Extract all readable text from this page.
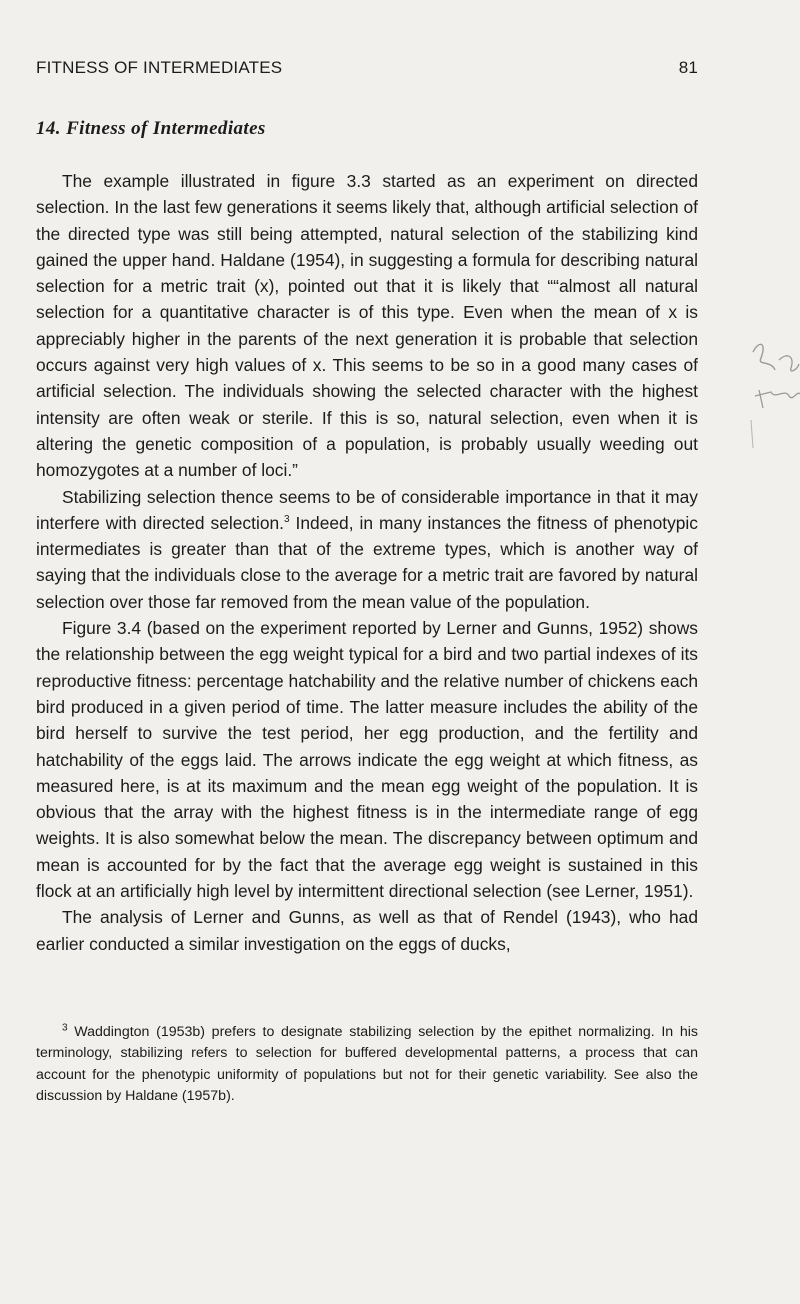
FITNESS OF INTERMEDIATES	81
14. Fitness of Intermediates

The example illustrated in figure 3.3 started as an experiment on directed selection. In the last few generations it seems likely that, although artificial selection of the directed type was still being attempted, natural selection of the stabilizing kind gained the upper hand. Haldane (1954), in suggesting a formula for describing natural selection for a metric trait (x), pointed out that it is likely that ““almost all natural selection for a quantitative character is of this type. Even when the mean of x is appreciably higher in the parents of the next generation it is probable that selection occurs against very high values of x. This seems to be so in a good many cases of artificial selection. The individuals showing the selected character with the highest intensity are often weak or sterile. If this is so, natural selection, even when it is altering the genetic composition of a population, is probably usually weeding out homozygotes at a number of loci.”

Stabilizing selection thence seems to be of considerable importance in that it may interfere with directed selection.$^3$ Indeed, in many instances the fitness of phenotypic intermediates is greater than that of the extreme types, which is another way of saying that the individuals close to the average for a metric trait are favored by natural selection over those far removed from the mean value of the population.

Figure 3.4 (based on the experiment reported by Lerner and Gunns, 1952) shows the relationship between the egg weight typical for a bird and two partial indexes of its reproductive fitness: percentage hatchability and the relative number of chickens each bird produced in a given period of time. The latter measure includes the ability of the bird herself to survive the test period, her egg production, and the fertility and hatchability of the eggs laid. The arrows indicate the egg weight at which fitness, as measured here, is at its maximum and the mean egg weight of the population. It is obvious that the array with the highest fitness is in the intermediate range of egg weights. It is also somewhat below the mean. The discrepancy between optimum and mean is accounted for by the fact that the average egg weight is sustained in this flock at an artificially high level by intermittent directional selection (see Lerner, 1951).

The analysis of Lerner and Gunns, as well as that of Rendel (1943), who had earlier conducted a similar investigation on the eggs of ducks,

$^3$ Waddington (1953b) prefers to designate stabilizing selection by the epithet normalizing. In his terminology, stabilizing refers to selection for buffered developmental patterns, a process that can account for the phenotypic uniformity of populations but not for their genetic variability. See also the discussion by Haldane (1957b).
